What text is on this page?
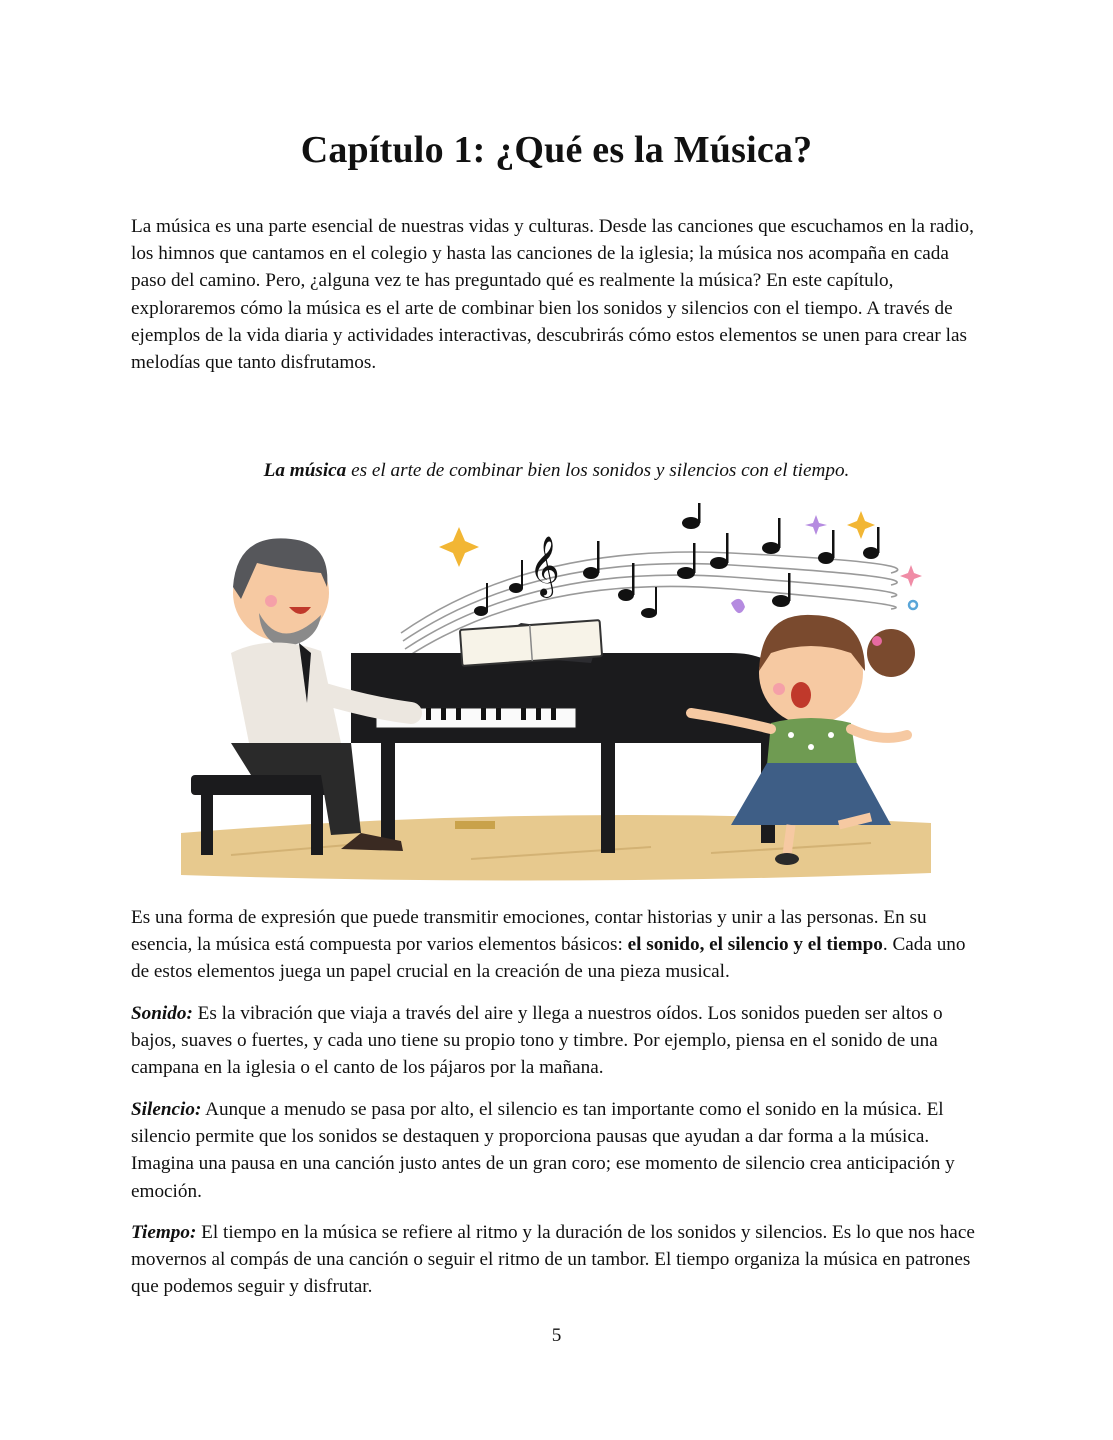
Capítulo 1: ¿Qué es la Música?

La música es una parte esencial de nuestras vidas y culturas. Desde las canciones que escuchamos en la radio, los himnos que cantamos en el colegio y hasta las canciones de la iglesia; la música nos acompaña en cada paso del camino. Pero, ¿alguna vez te has preguntado qué es realmente la música? En este capítulo, exploraremos cómo la música es el arte de combinar bien los sonidos y silencios con el tiempo. A través de ejemplos de la vida diaria y actividades interactivas, descubrirás cómo estos elementos se unen para crear las melodías que tanto disfrutamos.

La música es el arte de combinar bien los sonidos y silencios con el tiempo.

𝄞

Es una forma de expresión que puede transmitir emociones, contar historias y unir a las personas. En su esencia, la música está compuesta por varios elementos básicos: el sonido, el silencio y el tiempo. Cada uno de estos elementos juega un papel crucial en la creación de una pieza musical.

Sonido: Es la vibración que viaja a través del aire y llega a nuestros oídos. Los sonidos pueden ser altos o bajos, suaves o fuertes, y cada uno tiene su propio tono y timbre. Por ejemplo, piensa en el sonido de una campana en la iglesia o el canto de los pájaros por la mañana.

Silencio: Aunque a menudo se pasa por alto, el silencio es tan importante como el sonido en la música. El silencio permite que los sonidos se destaquen y proporciona pausas que ayudan a dar forma a la música. Imagina una pausa en una canción justo antes de un gran coro; ese momento de silencio crea anticipación y emoción.

Tiempo: El tiempo en la música se refiere al ritmo y la duración de los sonidos y silencios. Es lo que nos hace movernos al compás de una canción o seguir el ritmo de un tambor. El tiempo organiza la música en patrones que podemos seguir y disfrutar.

5
